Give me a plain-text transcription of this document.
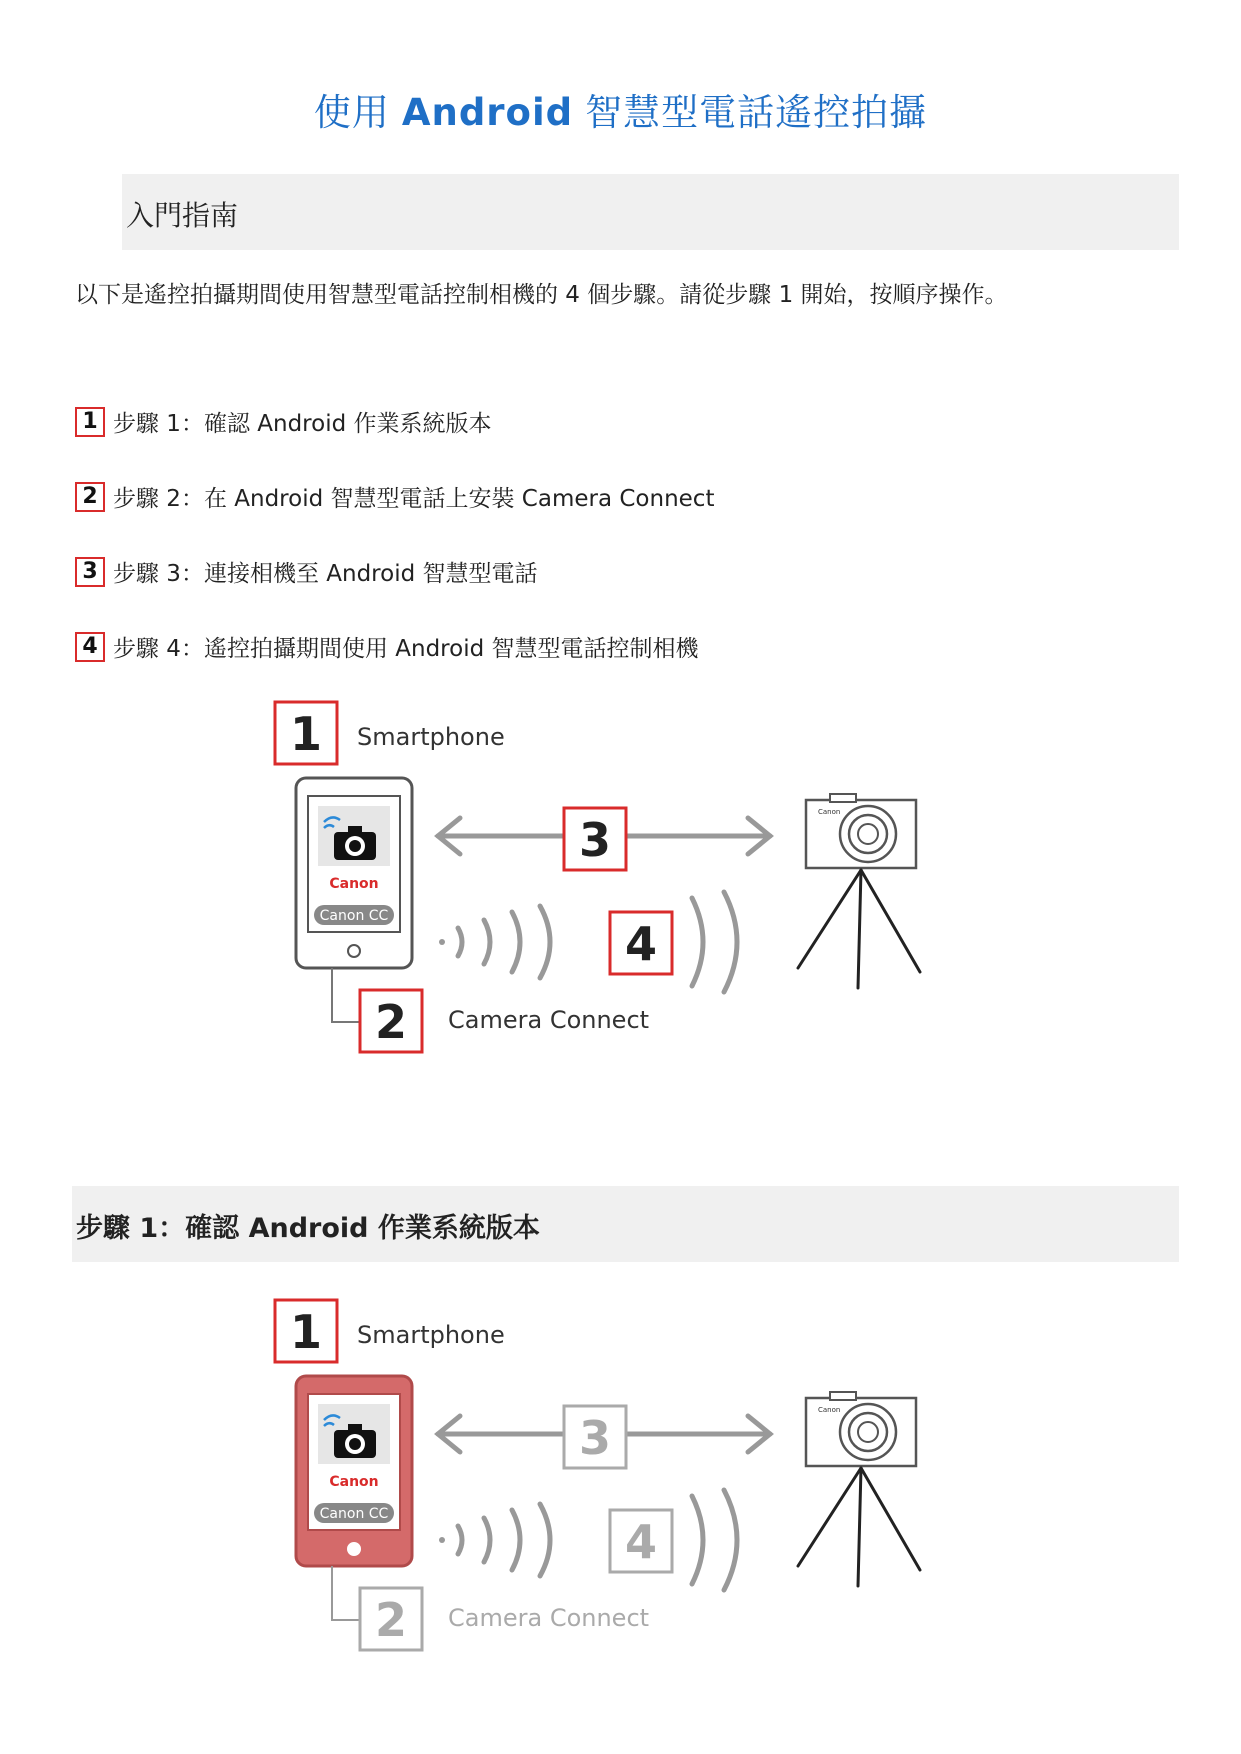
使用 Android 智慧型電話遙控拍攝
入門指南
以下是遙控拍攝期間使用智慧型電話控制相機的 4 個步驟。請從步驟 1 開始，按順序操作。
1 步驟 1：確認 Android 作業系統版本
2 步驟 2：在 Android 智慧型電話上安裝 Camera Connect
3 步驟 3：連接相機至 Android 智慧型電話
4 步驟 4：遙控拍攝期間使用 Android 智慧型電話控制相機
1 Smartphone
Canon
Canon CC
2 Camera Connect
3
4
Canon
步驟 1：確認 Android 作業系統版本
1 Smartphone
Canon
Canon CC
2 Camera Connect
3
4
Canon
